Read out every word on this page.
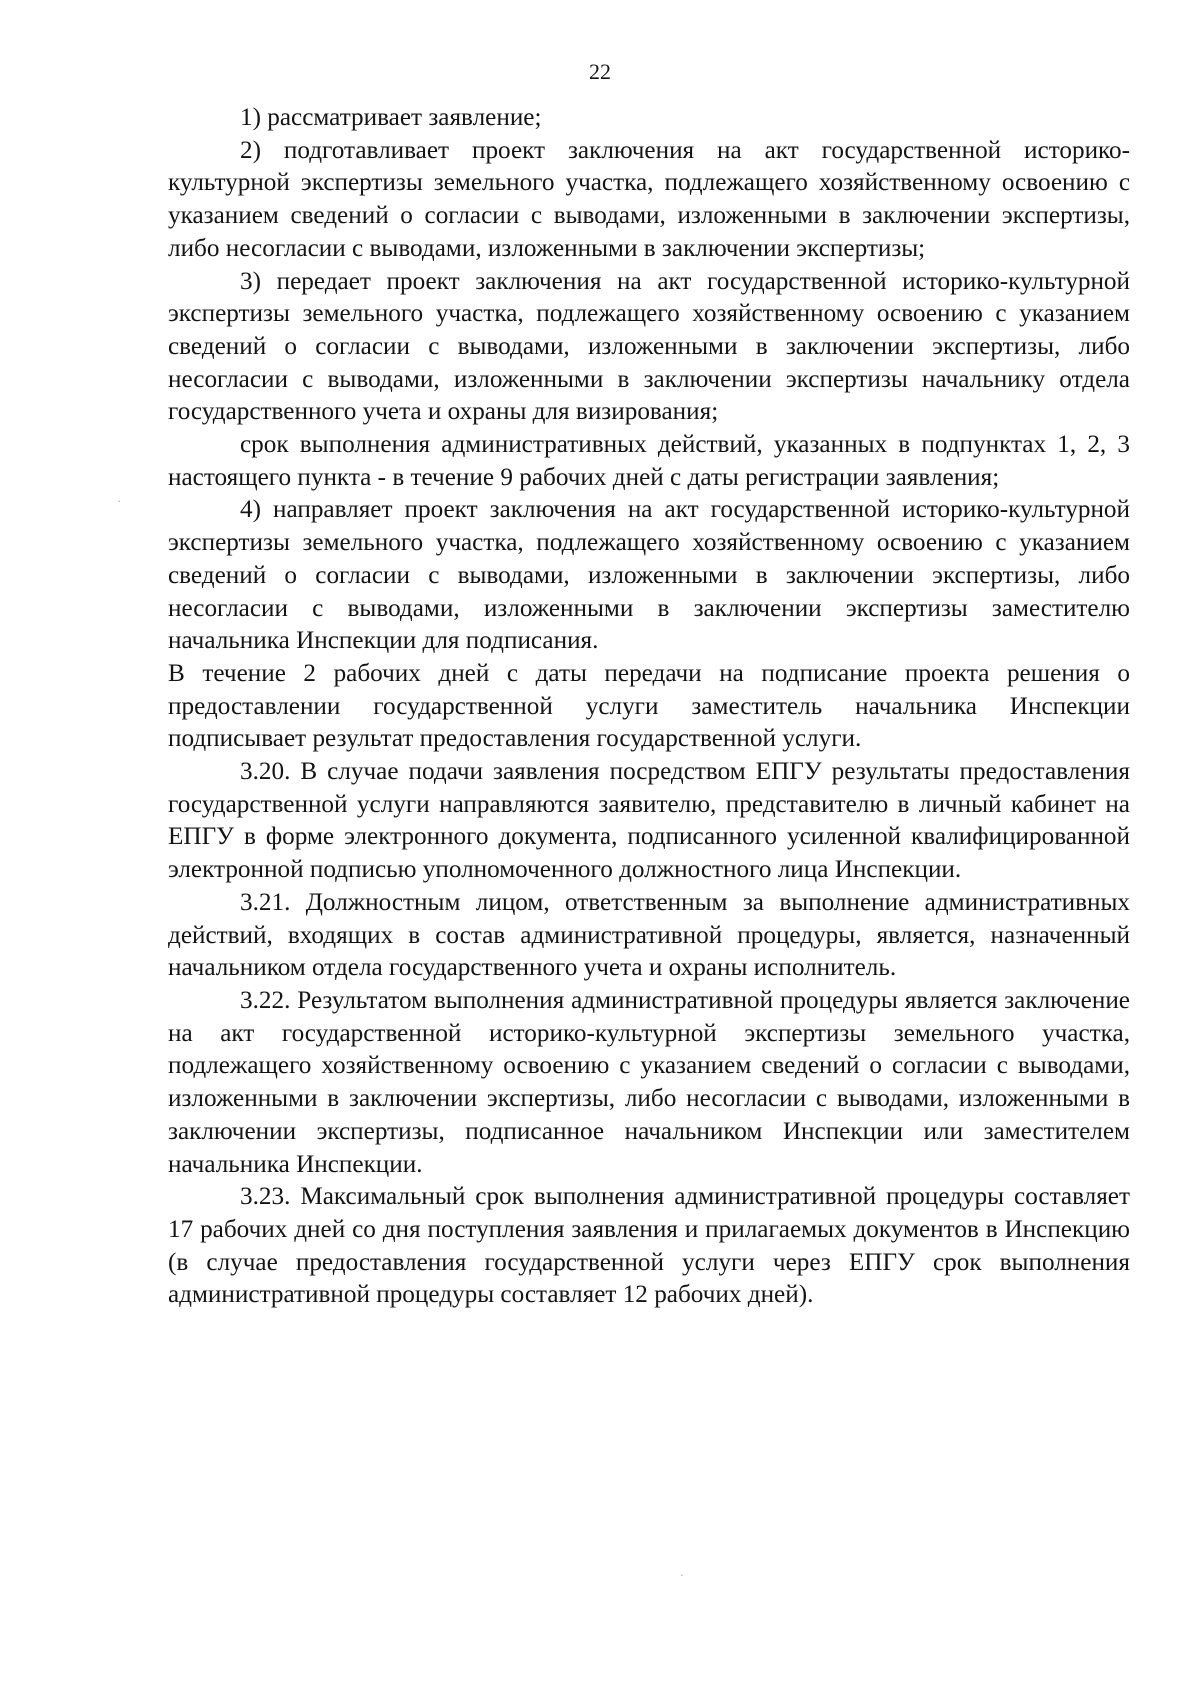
22

1) рассматривает заявление;

2) подготавливает проект заключения на акт государственной историко-культурной экспертизы земельного участка, подлежащего хозяйственному освоению с указанием сведений о согласии с выводами, изложенными в заключении экспертизы, либо несогласии с выводами, изложенными в заключении экспертизы;

3) передает проект заключения на акт государственной историко-культурной экспертизы земельного участка, подлежащего хозяйственному освоению с указанием сведений о согласии с выводами, изложенными в заключении экспертизы, либо несогласии с выводами, изложенными в заключении экспертизы начальнику отдела государственного учета и охраны для визирования;

срок выполнения административных действий, указанных в подпунктах 1, 2, 3 настоящего пункта - в течение 9 рабочих дней с даты регистрации заявления;

4) направляет проект заключения на акт государственной историко-культурной экспертизы земельного участка, подлежащего хозяйственному освоению с указанием сведений о согласии с выводами, изложенными в заключении экспертизы, либо несогласии с выводами, изложенными в заключении экспертизы заместителю начальника Инспекции для подписания.

В течение 2 рабочих дней с даты передачи на подписание проекта решения о предоставлении государственной услуги заместитель начальника Инспекции подписывает результат предоставления государственной услуги.

3.20. В случае подачи заявления посредством ЕПГУ результаты предоставления государственной услуги направляются заявителю, представителю в личный кабинет на ЕПГУ в форме электронного документа, подписанного усиленной квалифицированной электронной подписью уполномоченного должностного лица Инспекции.

3.21. Должностным лицом, ответственным за выполнение административных действий, входящих в состав административной процедуры, является, назначенный начальником отдела государственного учета и охраны исполнитель.

3.22. Результатом выполнения административной процедуры является заключение на акт государственной историко-культурной экспертизы земельного участка, подлежащего хозяйственному освоению с указанием сведений о согласии с выводами, изложенными в заключении экспертизы, либо несогласии с выводами, изложенными в заключении экспертизы, подписанное начальником Инспекции или заместителем начальника Инспекции.

3.23. Максимальный срок выполнения административной процедуры составляет 17 рабочих дней со дня поступления заявления и прилагаемых документов в Инспекцию (в случае предоставления государственной услуги через ЕПГУ срок выполнения административной процедуры составляет 12 рабочих дней).

·
·
